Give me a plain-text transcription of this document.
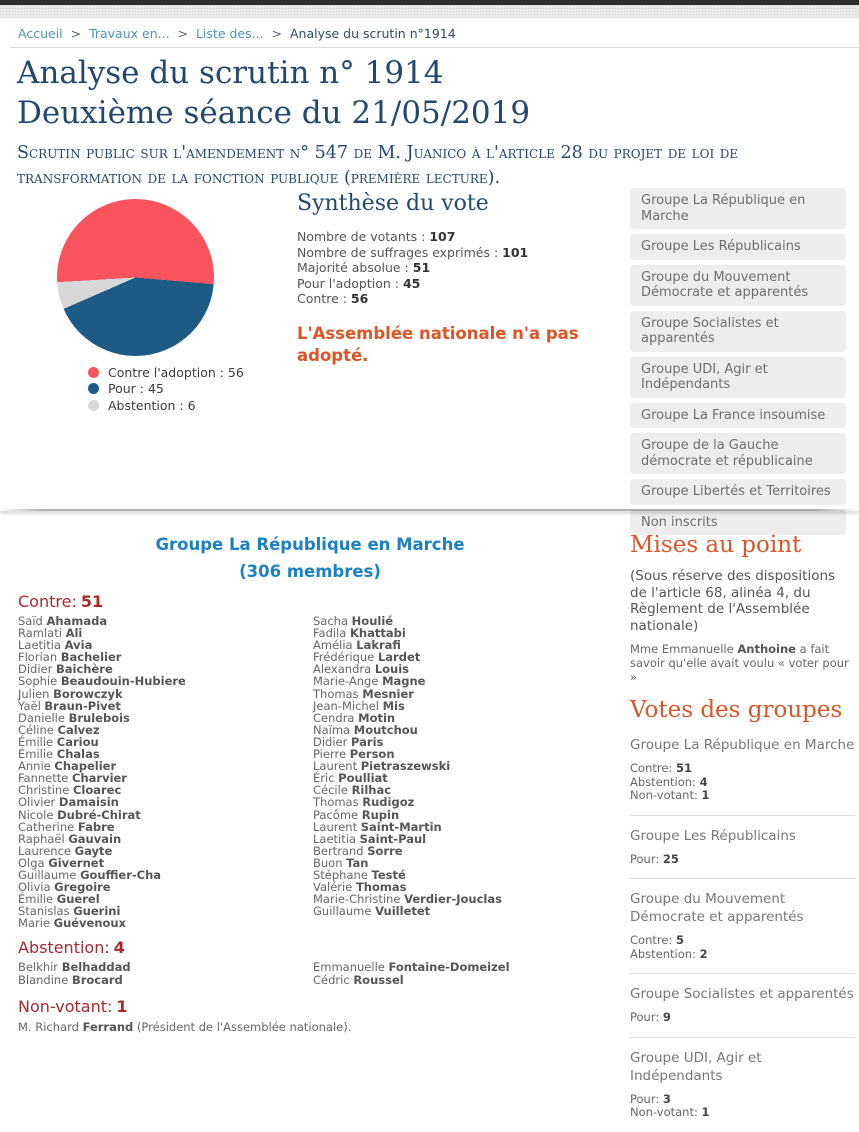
Accueil > Travaux en... > Liste des... > Analyse du scrutin n°1914
Analyse du scrutin n° 1914
Deuxième séance du 21/05/2019
Scrutin public sur l'amendement n° 547 de M. Juanico à l'article 28 du projet de loi de transformation de la fonction publique (première lecture).
Contre l'adoption : 56
Pour : 45
Abstention : 6
Synthèse du vote
Nombre de votants : 107
Nombre de suffrages exprimés : 101
Majorité absolue : 51
Pour l'adoption : 45
Contre : 56
L'Assemblée nationale n'a pas adopté.
Groupe La République en Marche
Groupe Les Républicains
Groupe du Mouvement Démocrate et apparentés
Groupe Socialistes et apparentés
Groupe UDI, Agir et Indépendants
Groupe La France insoumise
Groupe de la Gauche démocrate et républicaine
Groupe Libertés et Territoires
Non inscrits
Groupe La République en Marche
(306 membres)
Contre: 51
Saïd Ahamada
Ramlati Ali
Laetitia Avia
Florian Bachelier
Didier Baichère
Sophie Beaudouin-Hubiere
Julien Borowczyk
Yaël Braun-Pivet
Danielle Brulebois
Céline Calvez
Émilie Cariou
Émilie Chalas
Annie Chapelier
Fannette Charvier
Christine Cloarec
Olivier Damaisin
Nicole Dubré-Chirat
Catherine Fabre
Raphaël Gauvain
Laurence Gayte
Olga Givernet
Guillaume Gouffier-Cha
Olivia Gregoire
Émilie Guerel
Stanislas Guerini
Marie Guévenoux
Sacha Houlié
Fadila Khattabi
Amélia Lakrafi
Frédérique Lardet
Alexandra Louis
Marie-Ange Magne
Thomas Mesnier
Jean-Michel Mis
Cendra Motin
Naïma Moutchou
Didier Paris
Pierre Person
Laurent Pietraszewski
Éric Poulliat
Cécile Rilhac
Thomas Rudigoz
Pacôme Rupin
Laurent Saint-Martin
Laetitia Saint-Paul
Bertrand Sorre
Buon Tan
Stéphane Testé
Valérie Thomas
Marie-Christine Verdier-Jouclas
Guillaume Vuilletet
Abstention: 4
Belkhir Belhaddad
Blandine Brocard
Emmanuelle Fontaine-Domeizel
Cédric Roussel
Non-votant: 1
M. Richard Ferrand (Président de l'Assemblée nationale).
Mises au point
(Sous réserve des dispositions de l'article 68, alinéa 4, du Règlement de l'Assemblée nationale)
Mme Emmanuelle Anthoine a fait savoir qu'elle avait voulu « voter pour »
Votes des groupes
Groupe La République en Marche
Contre: 51
Abstention: 4
Non-votant: 1
Groupe Les Républicains
Pour: 25
Groupe du Mouvement Démocrate et apparentés
Contre: 5
Abstention: 2
Groupe Socialistes et apparentés
Pour: 9
Groupe UDI, Agir et Indépendants
Pour: 3
Non-votant: 1
